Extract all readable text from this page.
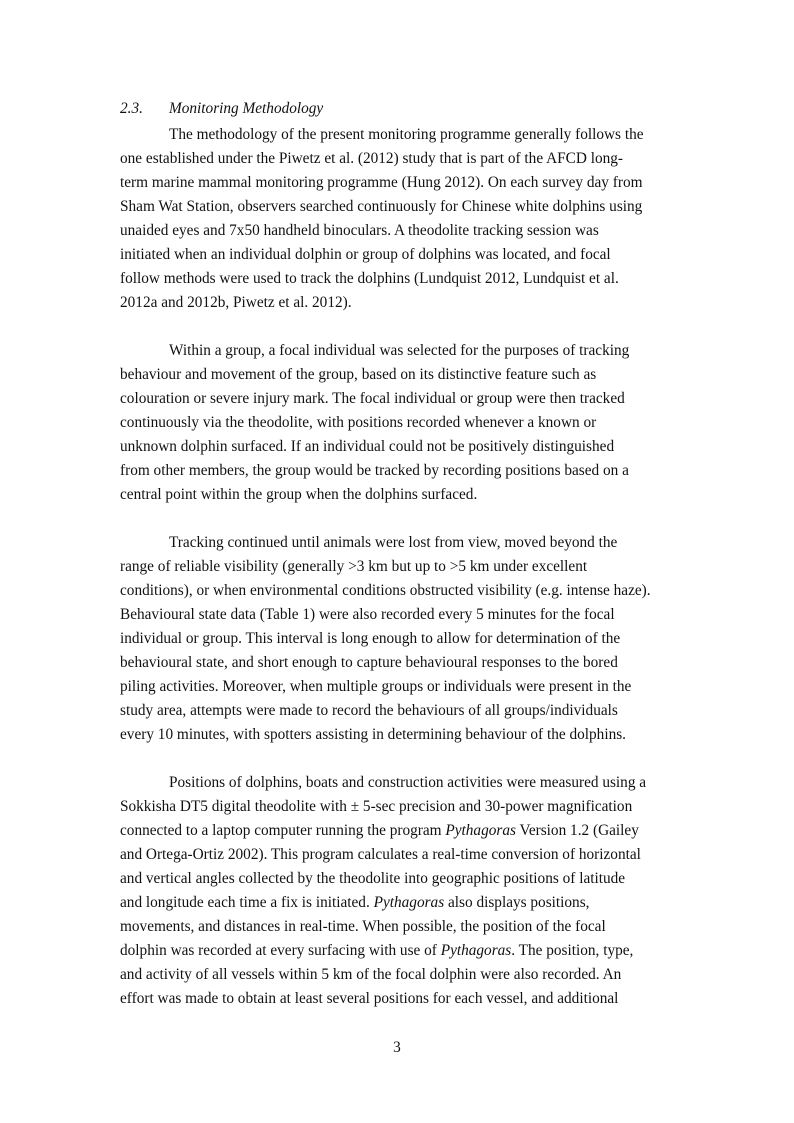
2.3. Monitoring Methodology
The methodology of the present monitoring programme generally follows the
one established under the Piwetz et al. (2012) study that is part of the AFCD long-
term marine mammal monitoring programme (Hung 2012). On each survey day from
Sham Wat Station, observers searched continuously for Chinese white dolphins using
unaided eyes and 7x50 handheld binoculars. A theodolite tracking session was
initiated when an individual dolphin or group of dolphins was located, and focal
follow methods were used to track the dolphins (Lundquist 2012, Lundquist et al.
2012a and 2012b, Piwetz et al. 2012).
Within a group, a focal individual was selected for the purposes of tracking
behaviour and movement of the group, based on its distinctive feature such as
colouration or severe injury mark. The focal individual or group were then tracked
continuously via the theodolite, with positions recorded whenever a known or
unknown dolphin surfaced. If an individual could not be positively distinguished
from other members, the group would be tracked by recording positions based on a
central point within the group when the dolphins surfaced.
Tracking continued until animals were lost from view, moved beyond the
range of reliable visibility (generally >3 km but up to >5 km under excellent
conditions), or when environmental conditions obstructed visibility (e.g. intense haze).
Behavioural state data (Table 1) were also recorded every 5 minutes for the focal
individual or group. This interval is long enough to allow for determination of the
behavioural state, and short enough to capture behavioural responses to the bored
piling activities. Moreover, when multiple groups or individuals were present in the
study area, attempts were made to record the behaviours of all groups/individuals
every 10 minutes, with spotters assisting in determining behaviour of the dolphins.
Positions of dolphins, boats and construction activities were measured using a
Sokkisha DT5 digital theodolite with ± 5-sec precision and 30-power magnification
connected to a laptop computer running the program Pythagoras Version 1.2 (Gailey
and Ortega-Ortiz 2002). This program calculates a real-time conversion of horizontal
and vertical angles collected by the theodolite into geographic positions of latitude
and longitude each time a fix is initiated. Pythagoras also displays positions,
movements, and distances in real-time. When possible, the position of the focal
dolphin was recorded at every surfacing with use of Pythagoras. The position, type,
and activity of all vessels within 5 km of the focal dolphin were also recorded. An
effort was made to obtain at least several positions for each vessel, and additional
3
